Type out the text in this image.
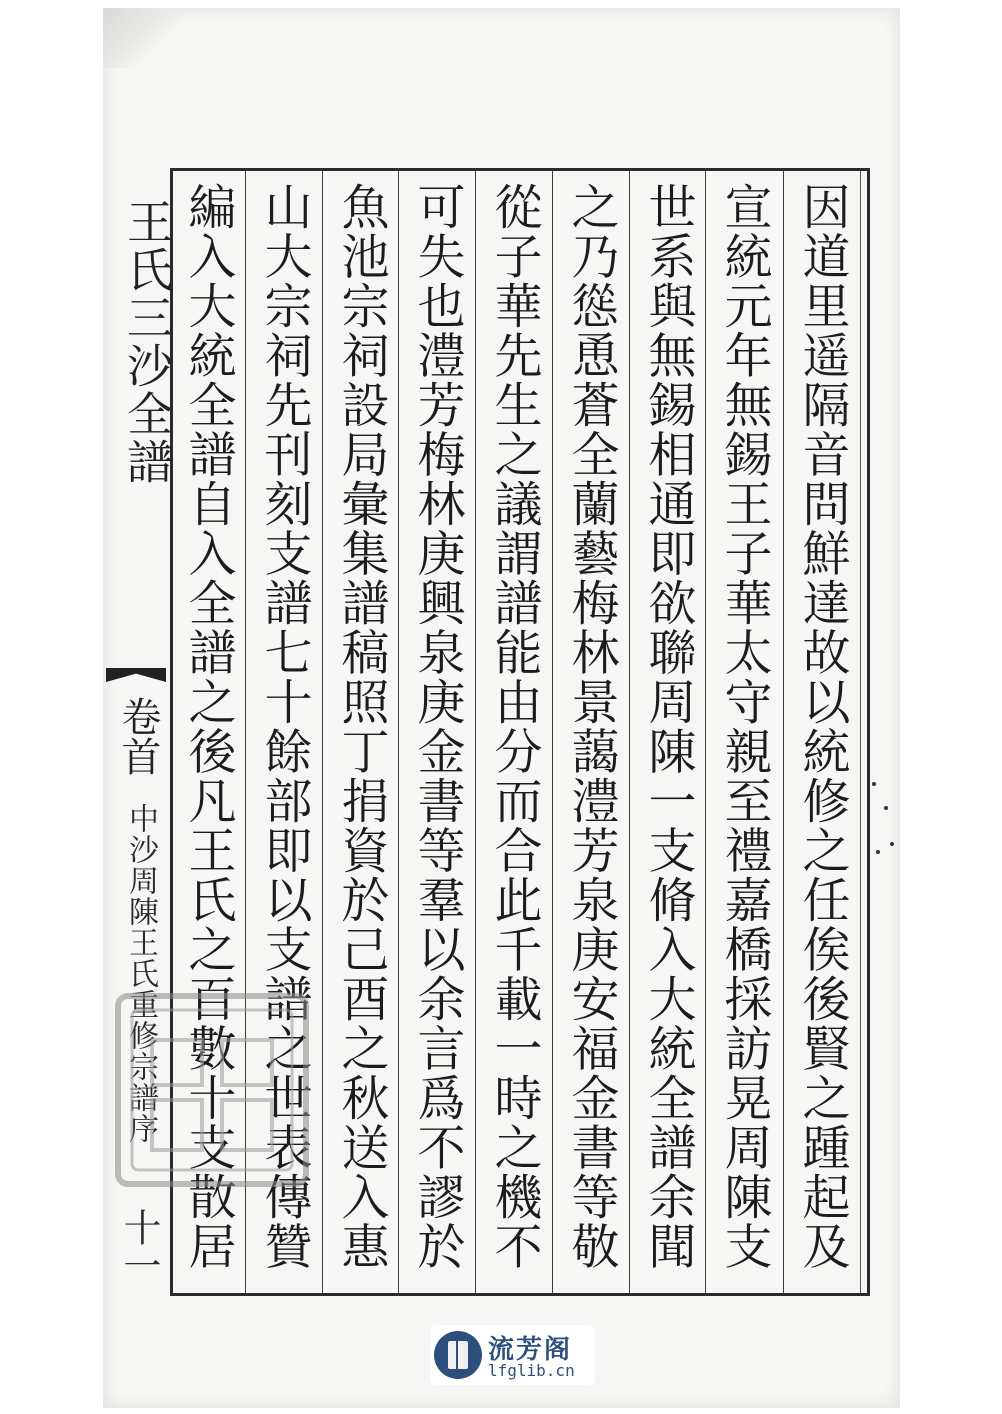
因道里遥隔音問鮮達故以統修之任俟後賢之踵起及
宣統元年無錫王子華太守親至禮嘉橋採訪晃周陳支
世系與無錫相通即欲聯周陳一支脩入大統全譜余聞
之乃慫恿蒼全蘭藝梅林景藹澧芳泉庚安福金書等敬
從子華先生之議謂譜能由分而合此千載一時之機不
可失也澧芳梅林庚興泉庚金書等羣以余言爲不謬於
魚池宗祠設局彙集譜稿照丁捐資於己酉之秋送入惠
山大宗祠先刊刻支譜七十餘部即以支譜之世表傳贊
編入大統全譜自入全譜之後凡王氏之百數十支散居
王氏三沙全譜
卷首
中沙周陳王氏重修宗譜序
十一
流芳阁
lfglib.cn
